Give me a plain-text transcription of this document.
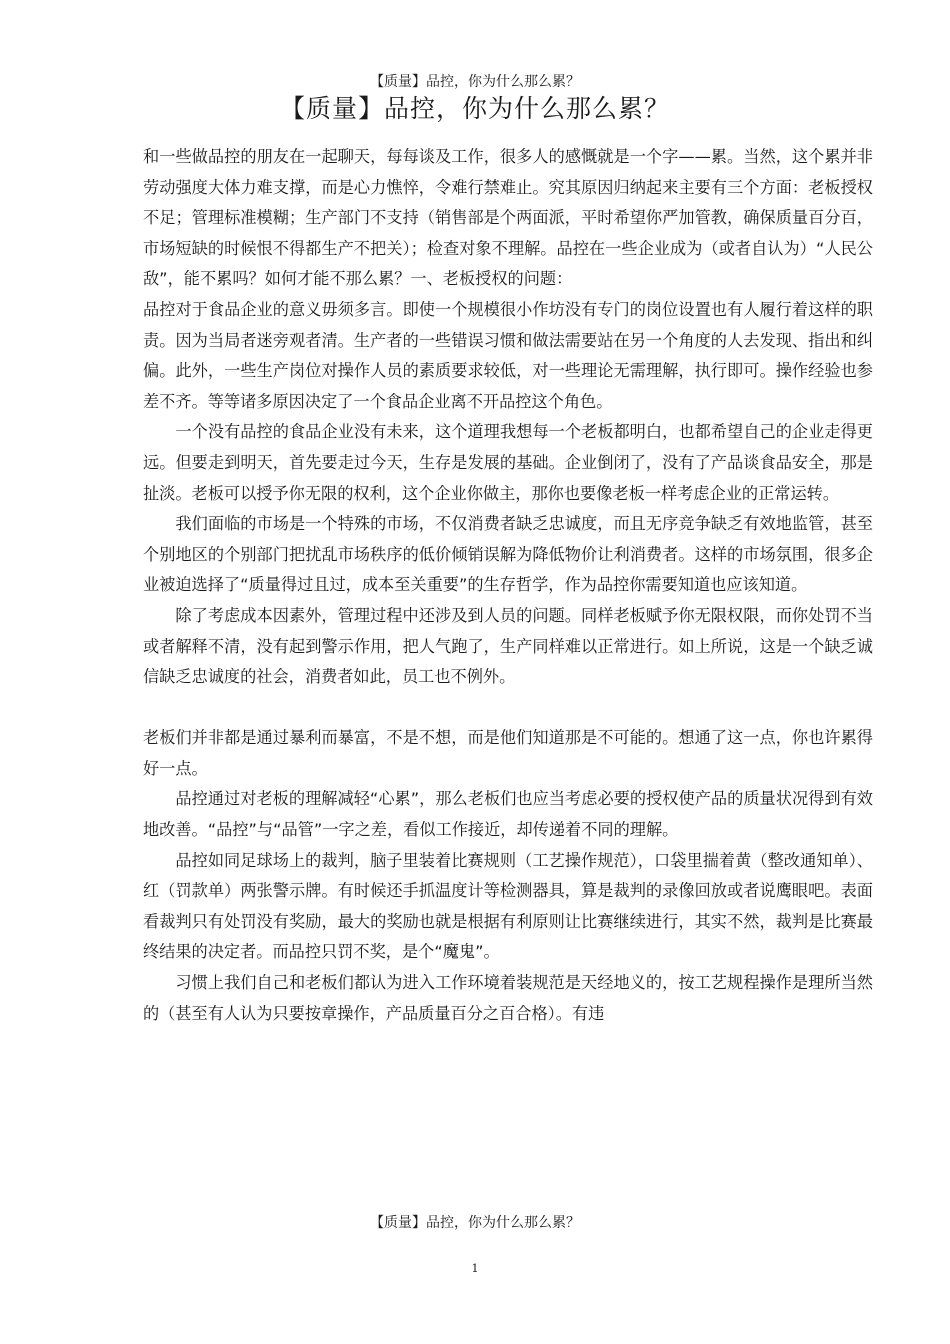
【质量】品控，你为什么那么累？
【质量】品控，你为什么那么累？

和一些做品控的朋友在一起聊天，每每谈及工作，很多人的感慨就是一个字——累。当然，这个累并非劳动强度大体力难支撑，而是心力憔悴，令难行禁难止。究其原因归纳起来主要有三个方面：老板授权不足；管理标准模糊；生产部门不支持（销售部是个两面派，平时希望你严加管教，确保质量百分百，市场短缺的时候恨不得都生产不把关）；检查对象不理解。品控在一些企业成为（或者自认为）“人民公敌”，能不累吗？如何才能不那么累？一、老板授权的问题：

品控对于食品企业的意义毋须多言。即使一个规模很小作坊没有专门的岗位设置也有人履行着这样的职责。因为当局者迷旁观者清。生产者的一些错误习惯和做法需要站在另一个角度的人去发现、指出和纠偏。此外，一些生产岗位对操作人员的素质要求较低，对一些理论无需理解，执行即可。操作经验也参差不齐。等等诸多原因决定了一个食品企业离不开品控这个角色。

一个没有品控的食品企业没有未来，这个道理我想每一个老板都明白，也都希望自己的企业走得更远。但要走到明天，首先要走过今天，生存是发展的基础。企业倒闭了，没有了产品谈食品安全，那是扯淡。老板可以授予你无限的权利，这个企业你做主，那你也要像老板一样考虑企业的正常运转。

我们面临的市场是一个特殊的市场，不仅消费者缺乏忠诚度，而且无序竞争缺乏有效地监管，甚至个别地区的个别部门把扰乱市场秩序的低价倾销误解为降低物价让利消费者。这样的市场氛围，很多企业被迫选择了“质量得过且过，成本至关重要”的生存哲学，作为品控你需要知道也应该知道。

除了考虑成本因素外，管理过程中还涉及到人员的问题。同样老板赋予你无限权限，而你处罚不当或者解释不清，没有起到警示作用，把人气跑了，生产同样难以正常进行。如上所说，这是一个缺乏诚信缺乏忠诚度的社会，消费者如此，员工也不例外。

老板们并非都是通过暴利而暴富，不是不想，而是他们知道那是不可能的。想通了这一点，你也许累得好一点。

品控通过对老板的理解减轻“心累”，那么老板们也应当考虑必要的授权使产品的质量状况得到有效地改善。“品控”与“品管”一字之差，看似工作接近，却传递着不同的理解。

品控如同足球场上的裁判，脑子里装着比赛规则（工艺操作规范），口袋里揣着黄（整改通知单）、红（罚款单）两张警示牌。有时候还手抓温度计等检测器具，算是裁判的录像回放或者说鹰眼吧。表面看裁判只有处罚没有奖励，最大的奖励也就是根据有利原则让比赛继续进行，其实不然，裁判是比赛最终结果的决定者。而品控只罚不奖，是个“魔鬼”。

习惯上我们自己和老板们都认为进入工作环境着装规范是天经地义的，按工艺规程操作是理所当然的（甚至有人认为只要按章操作，产品质量百分之百合格）。有违

【质量】品控，你为什么那么累？
1
